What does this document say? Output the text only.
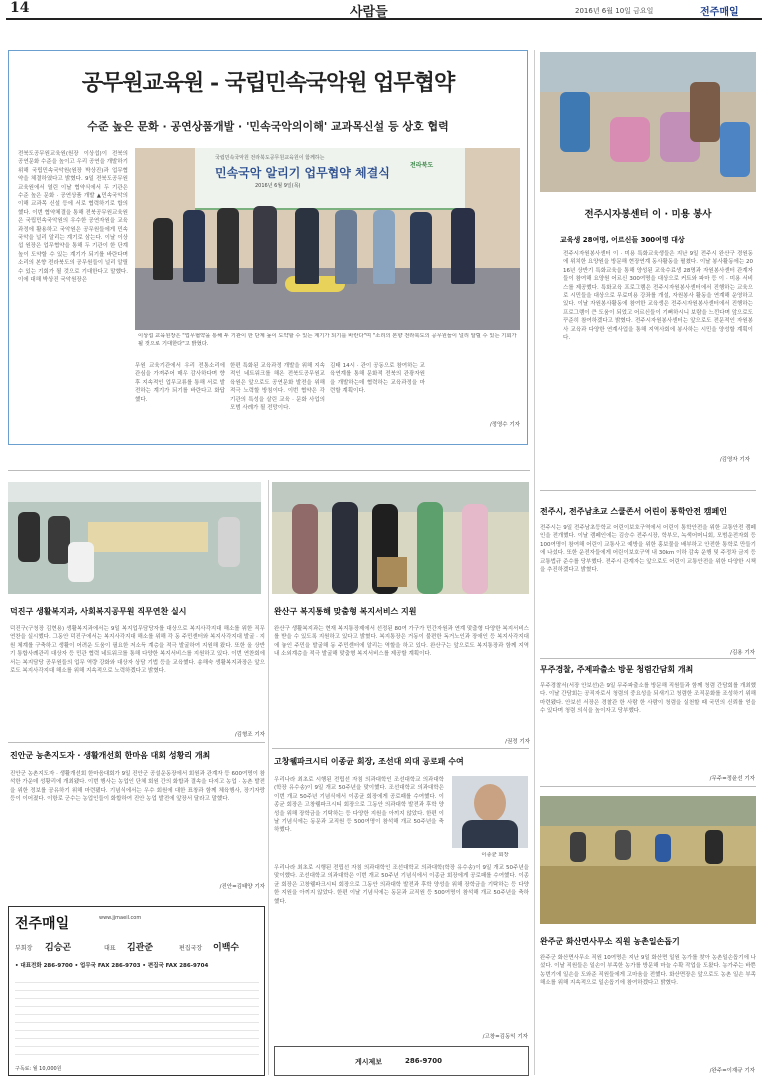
14	사람들	2016년 6월 10일 금요일	전주매일
공무원교육원 - 국립민속국악원 업무협약
수준 높은 문화 · 공연상품개발 · '민속국악의이해' 교과목신설 등 상호 협력
전북도공무원교육원(원장 이상섭)이 전북의 공연문화 수준을 높이고 우리 공연을 개발하기 위해 국립민속국악원(원장 박상진)과 업무협약을 체결하였다고 밝혔다. 9일 전북도공무원교육원에서 열린 이날 협약식에서 두 기관은 수준 높은 문화 · 공연상품 개발 ▲민속국악의 이해 교과목 신설 등에 서로 협력하기로 합의했다. 이번 협약체결을 통해 전북공무원교육원은 국립민속국악원의 우수한 공연자원을 교육과정에 활용하고 국악원은 공무원들에게 민속국악을 널리 알리는 계기로 삼는다. 이날 이상섭 원장은 업무협약을 통해 두 기관이 한 단계 높이 도약할 수 있는 계기가 되기를 바란다며 소리의 본향 전라북도의 공무원들이 널리 알릴 수 있는 기회가 될 것으로 기대한다고 말했다. 이에 대해 박상진 국악원장은
국립민속국악원 전라북도공무원교육원이 함께하는
민속국악 알리기 업무협약 체결식
2016년 6월 9일(목)
전라북도
이상섭 교육원장은 "업무협약을 통해 두 기관이 한 단계 높이 도약할 수 있는 계기가 되기를 바란다"며 "소리의 본향 전라북도의 공무원들이 널리 알릴 수 있는 기회가 될 것으로 기대한다"고 밝혔다.
무원 교육기관에서 우리 전통소리에 관심을 가져주어 매우 감사하다며 향후 지속적인 업무교류를 통해 서로 발전하는 계기가 되기를 바란다고 화답했다.
한편 특화된 교육과정 개발을 위해 지속적인 네트워크를 해온 전북도공무원교육원은 앞으로도 공연문화 발전을 위해 적극 노력할 방침이다. 이번 협약은 각 기관의 특성을 살린 교육 · 문화 사업의 모범 사례가 될 전망이다.
김태 14시 · 관이 공동으로 참여하는 교육연계를 통해 문화적 전북의 관광자원을 개발하는데 협력하는 교육과정을 마련할 계획이다.
/정영수 기자
전주시자봉센터 이 · 미용 봉사
교육생 28여명, 어르신들 300여명 대상
전주시자원봉사센터 이 · 미용 특화교육생들은 지난 9일 전주시 완산구 경원동에 위치한 요양원을 방문해 현장연계 동사활동을 펼쳤다. 이날 봉사활동에는 2016년 상반기 특화교육을 통해 양성된 교육수료생 28명과 자원봉사센터 관계자들이 참여해 요양원 어르신 300여명을 대상으로 커트와 파마 등 이 · 미용 서비스를 제공했다. 특화교육 프로그램은 전주시자원봉사센터에서 진행하는 교육으로 시민들을 대상으로 무료미용 강좌를 개설, 자원봉사 활동을 연계해 운영하고 있다. 이날 자원봉사활동에 참여한 교육생은 전주시자원봉사센터에서 진행하는 프로그램이 큰 도움이 되었고 어르신들이 기뻐하시니 보람을 느낀다며 앞으로도 꾸준히 참여하겠다고 밝혔다. 전주시자원봉사센터는 앞으로도 전문적인 자원봉사 교육과 다양한 연계사업을 통해 지역사회에 봉사하는 시민을 양성할 계획이다.
/김영자 기자
덕진구 생활복지과, 사회복지공무원 직무연찬 실시
덕진구(구청장 김현용) 생활복지과에서는 9일 복지업무담당자를 대상으로 복지사각지대 해소를 위한 직무연찬을 실시했다. 그동안 덕진구에서는 복지사각지대 해소를 위해 각 동 주민센터와 복지사각지대 발굴 · 지원 체계를 구축하고 생활이 어려운 도움이 필요한 저소득 계층을 적극 발굴하여 지원해 왔다. 또한 올 상반기 통합사례관리 대상자 등 민관 협력 네트워크를 통해 다양한 복지서비스를 지원하고 있다. 이번 연찬회에서는 복지담당 공무원들의 업무 역량 강화와 대상자 상담 기법 등을 교육했다. 송해숙 생활복지과장은 앞으로도 복지사각지대 해소를 위해 지속적으로 노력하겠다고 밝혔다.
/김형조 기자
완산구 복지통해 맞춤형 복지서비스 지원
완산구 생활복지과는 현재 복지통장제에서 선정된 80여 가구가 민간자원과 연계 맞춤형 다양한 복지서비스를 받을 수 있도록 지원하고 있다고 밝혔다. 복지통장은 거동이 불편한 독거노인과 장애인 등 복지사각지대에 놓인 주민을 발굴해 동 주민센터에 알리는 역할을 하고 있다. 완산구는 앞으로도 복지통장과 함께 지역 내 소외계층을 적극 발굴해 맞춤형 복지서비스를 제공할 계획이다.
/권정 기자
전주시, 전주남초교 스쿨존서 어린이 통학안전 캠페인
전주시는 9일 전주남초등학교 어린이보호구역에서 어린이 통학안전을 위한 교통안전 캠페인을 전개했다. 이날 캠페인에는 김승수 전주시장, 학부모, 녹색어머니회, 모범운전자회 등 100여명이 참여해 어린이 교통사고 예방을 위한 홍보물을 배부하고 안전한 통학로 만들기에 나섰다. 또한 운전자들에게 어린이보호구역 내 30km 이하 감속 운행 및 주정차 금지 등 교통법규 준수를 당부했다. 전주시 관계자는 앞으로도 어린이 교통안전을 위한 다양한 시책을 추진하겠다고 밝혔다.
/김용 기자
무주경찰, 주제파출소 방문 청렴간담회 개최
무주경찰서(서장 안보선)은 9일 무주파출소를 방문해 직원들과 함께 청렴 간담회를 개최했다. 이날 간담회는 공직자로서 청렴의 중요성을 되새기고 청렴한 조직문화를 조성하기 위해 마련됐다. 안보선 서장은 경찰관 한 사람 한 사람이 청렴을 실천할 때 국민의 신뢰를 얻을 수 있다며 청렴 의식을 높이자고 당부했다.
/무주=정윤선 기자
진안군 농촌지도자 · 생활개선회 한마음 대회 성황리 개최
진안군 농촌지도자 · 생활개선회 한마음대회가 9일 진안군 공설운동장에서 회원과 관계자 등 600여명이 참석한 가운데 성황리에 개최됐다. 이번 행사는 농업인 단체 회원 간의 화합과 결속을 다지고 농업 · 농촌 발전을 위한 정보를 공유하기 위해 마련됐다. 기념식에서는 우수 회원에 대한 표창과 함께 체육행사, 장기자랑 등이 이어졌다. 이항로 군수는 농업인들이 화합하여 진안 농업 발전에 앞장서 달라고 말했다.
/진안=김태양 기자
전주매일	www.jjmaeil.com
부회장 김승곤	대표 김관준	편집국장 이백수
• 대표전화 286-9700 • 업무국 FAX 286-9703 • 편집국 FAX 286-9704
구독료: 월 10,000원
고창웰파크시티 이종균 회장, 조선대 의대 공로패 수여
우리나라 최초로 시행된 전립선 자침 의과대학인 조선대학교 의과대학(학장 유수송)이 9일 개교 50주년을 맞이했다. 조선대학교 의과대학은 이번 개교 50주년 기념식에서 이종균 회장에게 공로패를 수여했다. 이종균 회장은 고창웰파크시티 회장으로 그동안 의과대학 발전과 후학 양성을 위해 장학금을 기탁하는 등 다양한 지원을 아끼지 않았다. 한편 이날 기념식에는 동문과 교직원 등 500여명이 참석해 개교 50주년을 축하했다.
이종균 회장
우리나라 최초로 시행된 전립선 자침 의과대학인 조선대학교 의과대학(학장 유수송)이 9일 개교 50주년을 맞이했다. 조선대학교 의과대학은 이번 개교 50주년 기념식에서 이종균 회장에게 공로패를 수여했다. 이종균 회장은 고창웰파크시티 회장으로 그동안 의과대학 발전과 후학 양성을 위해 장학금을 기탁하는 등 다양한 지원을 아끼지 않았다. 한편 이날 기념식에는 동문과 교직원 등 500여명이 참석해 개교 50주년을 축하했다.
/고창=김동익 기자
게시제보	286-9700
완주군 화산면사무소 직원 농촌일손돕기
완주군 화산면사무소 직원 10여명은 지난 9일 화산면 일원 농가를 찾아 농촌일손돕기에 나섰다. 이날 직원들은 일손이 부족한 농가를 방문해 마늘 수확 작업을 도왔다. 농가주는 바쁜 농번기에 일손을 도와준 직원들에게 고마움을 전했다. 화산면장은 앞으로도 농촌 일손 부족 해소를 위해 지속적으로 일손돕기에 참여하겠다고 밝혔다.
/완주=이재규 기자
